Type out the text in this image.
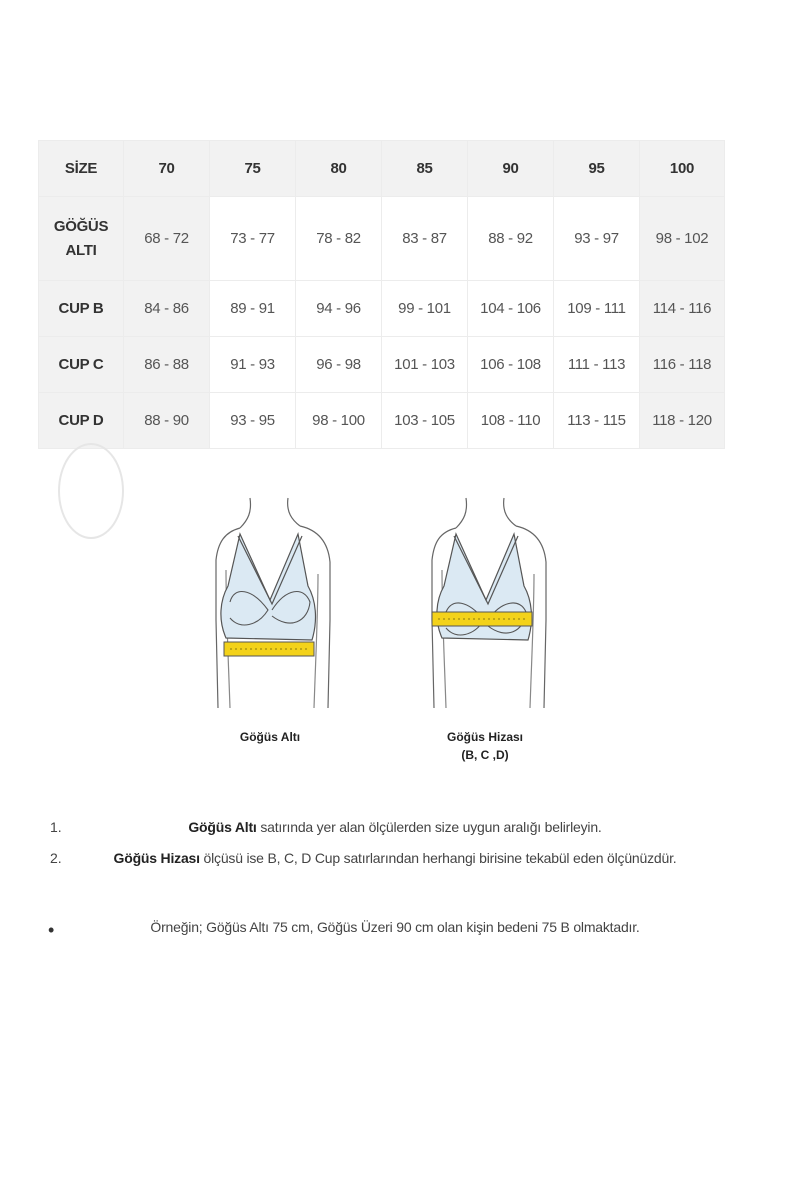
SİZE	70	75	80	85	90	95	100
GÖĞÜS
ALTI	68 - 72	73 - 77	78 - 82	83 - 87	88 - 92	93 - 97	98 - 102
CUP B	84 - 86	89 - 91	94 - 96	99 - 101	104 - 106	109 - 111	114 - 116
CUP C	86 - 88	91 - 93	96 - 98	101 - 103	106 - 108	111 - 113	116 - 118
CUP D	88 - 90	93 - 95	98 - 100	103 - 105	108 - 110	113 - 115	118 - 120
Göğüs Altı	Göğüs Hizası
(B, C ,D)
1.	Göğüs Altı satırında yer alan ölçülerden size uygun aralığı belirleyin.
2.	Göğüs Hizası ölçüsü ise B, C, D Cup satırlarından herhangi birisine tekabül eden ölçünüzdür.
•	Örneğin; Göğüs Altı 75 cm, Göğüs Üzeri 90 cm olan kişin bedeni 75 B olmaktadır.
